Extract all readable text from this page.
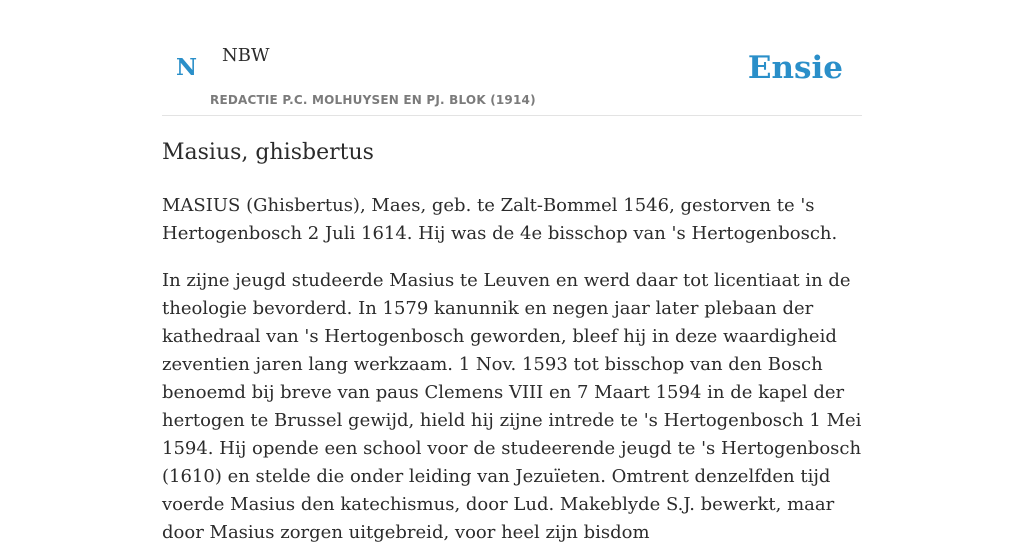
N NBW	Ensie
REDACTIE P.C. MOLHUYSEN EN PJ. BLOK (1914)
Masius, ghisbertus

MASIUS (Ghisbertus), Maes, geb. te Zalt-Bommel 1546, gestorven te 's Hertogenbosch 2 Juli 1614. Hij was de 4e bisschop van 's Hertogenbosch.

In zijne jeugd studeerde Masius te Leuven en werd daar tot licentiaat in de theologie bevorderd. In 1579 kanunnik en negen jaar later plebaan der kathedraal van 's Hertogenbosch geworden, bleef hij in deze waardigheid zeventien jaren lang werkzaam. 1 Nov. 1593 tot bisschop van den Bosch benoemd bij breve van paus Clemens VIII en 7 Maart 1594 in de kapel der hertogen te Brussel gewijd, hield hij zijne intrede te 's Hertogenbosch 1 Mei 1594. Hij opende een school voor de studeerende jeugd te 's Hertogenbosch (1610) en stelde die onder leiding van Jezuïeten. Omtrent denzelfden tijd voerde Masius den katechismus, door Lud. Makeblyde S.J. bewerkt, maar door Masius zorgen uitgebreid, voor heel zijn bisdom
